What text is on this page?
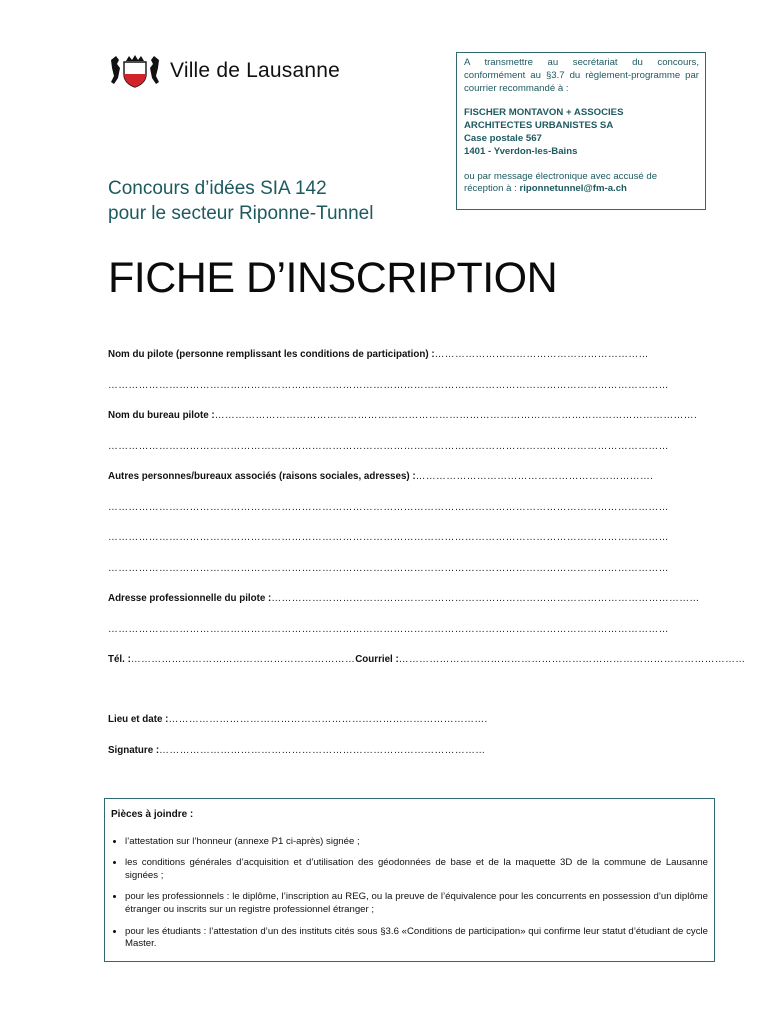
Ville de Lausanne	A transmettre au secrétariat du concours, conformément au §3.7 du règlement-programme par courrier recommandé à :
FISCHER MONTAVON + ASSOCIES
ARCHITECTES URBANISTES SA
Case postale 567
1401 - Yverdon-les-Bains
ou par message électronique avec accusé de réception à : riponnetunnel@fm-a.ch
Concours d’idées SIA 142
pour le secteur Riponne-Tunnel
FICHE D’INSCRIPTION
Nom du pilote (personne remplissant les conditions de participation) :………………………………………………………
…………………………………………………………………………………………………………………………………………………
Nom du bureau pilote :…………………………………………………………………………………………………………………………….
…………………………………………………………………………………………………………………………………………………
Autres personnes/bureaux associés (raisons sociales, adresses) :…………………………………………………………….
…………………………………………………………………………………………………………………………………………………
…………………………………………………………………………………………………………………………………………………
…………………………………………………………………………………………………………………………………………………
Adresse professionnelle du pilote :………………………………………………………………………………………………………………
…………………………………………………………………………………………………………………………………………………
Tél. :…………………………………………………………Courriel :…………………………………………………………………………………………
Lieu et date :………………………………………………………………………………….
Signature :……………………………………………………………………………………
Pièces à joindre :
• l’attestation sur l’honneur (annexe P1 ci-après) signée ;
• les conditions générales d’acquisition et d’utilisation des géodonnées de base et de la maquette 3D de la commune de Lausanne signées ;
• pour les professionnels : le diplôme, l’inscription au REG, ou la preuve de l’équivalence pour les concurrents en possession d’un diplôme étranger ou inscrits sur un registre professionnel étranger ;
• pour les étudiants : l’attestation d’un des instituts cités sous §3.6 «Conditions de participation» qui confirme leur statut d’étudiant de cycle Master.
